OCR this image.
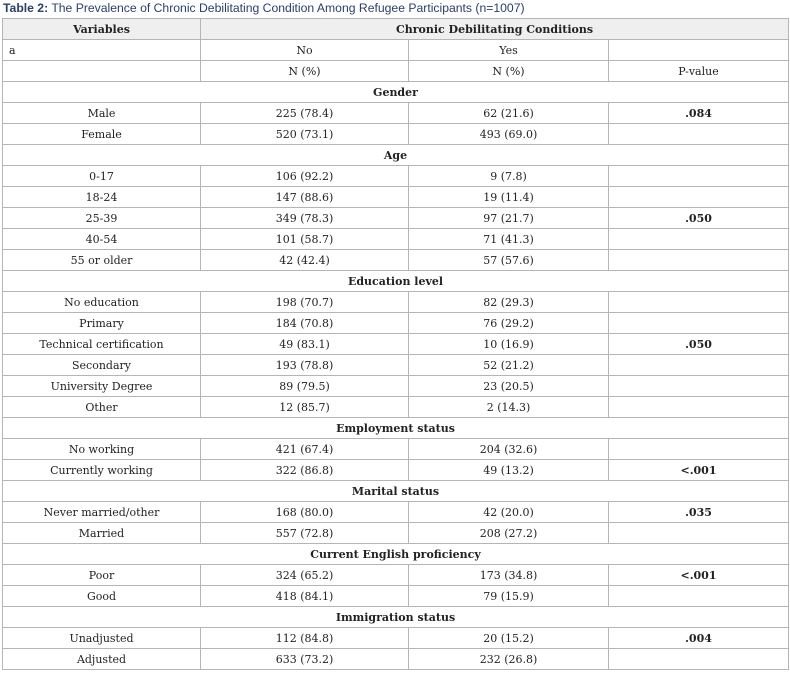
Table 2: The Prevalence of Chronic Debilitating Condition Among Refugee Participants (n=1007)
Variables	Chronic Debilitating Conditions		
a	No	Yes	
	N (%)	N (%)	P-value
Gender			
Male	225 (78.4)	62 (21.6)	.084
Female	520 (73.1)	493 (69.0)	
Age			
0-17	106 (92.2)	9 (7.8)	
18-24	147 (88.6)	19 (11.4)	
25-39	349 (78.3)	97 (21.7)	.050
40-54	101 (58.7)	71 (41.3)	
55 or older	42 (42.4)	57 (57.6)	
Education level			
No education	198 (70.7)	82 (29.3)	
Primary	184 (70.8)	76 (29.2)	
Technical certification	49 (83.1)	10 (16.9)	.050
Secondary	193 (78.8)	52 (21.2)	
University Degree	89 (79.5)	23 (20.5)	
Other	12 (85.7)	2 (14.3)	
Employment status			
No working	421 (67.4)	204 (32.6)	
Currently working	322 (86.8)	49 (13.2)	<.001
Marital status			
Never married/other	168 (80.0)	42 (20.0)	.035
Married	557 (72.8)	208 (27.2)	
Current English proficiency			
Poor	324 (65.2)	173 (34.8)	<.001
Good	418 (84.1)	79 (15.9)	
Immigration status			
Unadjusted	112 (84.8)	20 (15.2)	.004
Adjusted	633 (73.2)	232 (26.8)	
